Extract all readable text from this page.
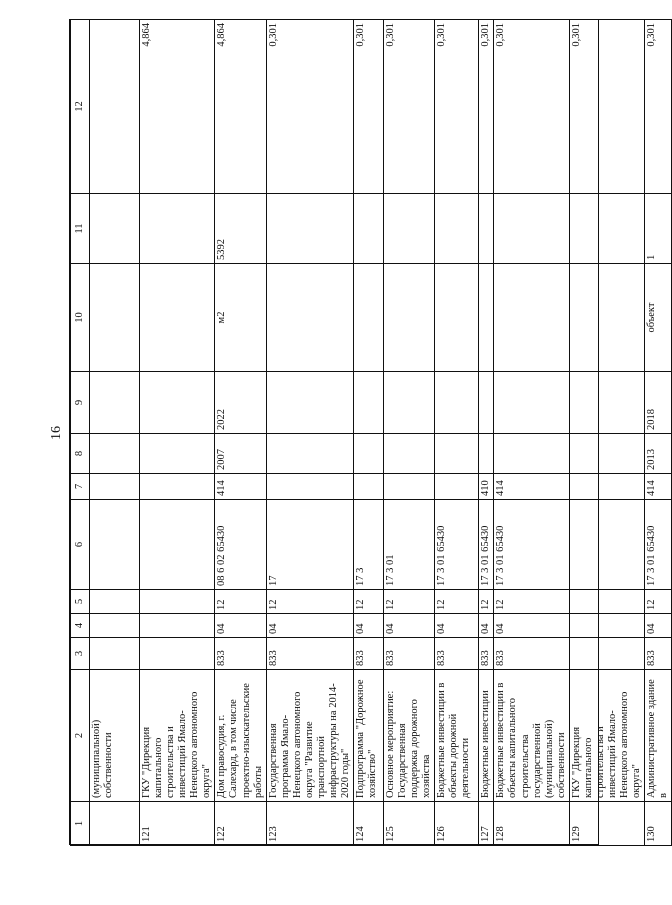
16
1	2	3	4	5	6	7	8	9	10	11	12
	(муниципальной) собственности										
121	ГКУ "Дирекция капитального строительства и инвестиций Ямало-Ненецкого автономного округа"										4,864
122	Дом правосудия, г. Салехард, в том числе проектно-изыскательские работы	833	04	12	08 6 02 65430	414	2007	2022	м2	5392	4,864
123	Государственная программа Ямало-Ненецкого автономного округа "Развитие транспортной инфраструктуры на 2014-2020 годы"	833	04	12	17						0,301
124	Подпрограмма "Дорожное хозяйство"	833	04	12	17 3						0,301
125	Основное мероприятие: Государственная поддержка дорожного хозяйства	833	04	12	17 3 01						0,301
126	Бюджетные инвестиции в объекты дорожной деятельности	833	04	12	17 3 01 65430						0,301
127	Бюджетные инвестиции	833	04	12	17 3 01 65430	410					0,301
128	Бюджетные инвестиции в объекты капитального строительства государственной (муниципальной) собственности	833	04	12	17 3 01 65430	414					0,301
129	ГКУ "Дирекция капитального строительства и инвестиций Ямало-Ненецкого автономного округа"										0,301
130	Административное здание в	833	04	12	17 3 01 65430	414	2013	2018	объект	1	0,301
